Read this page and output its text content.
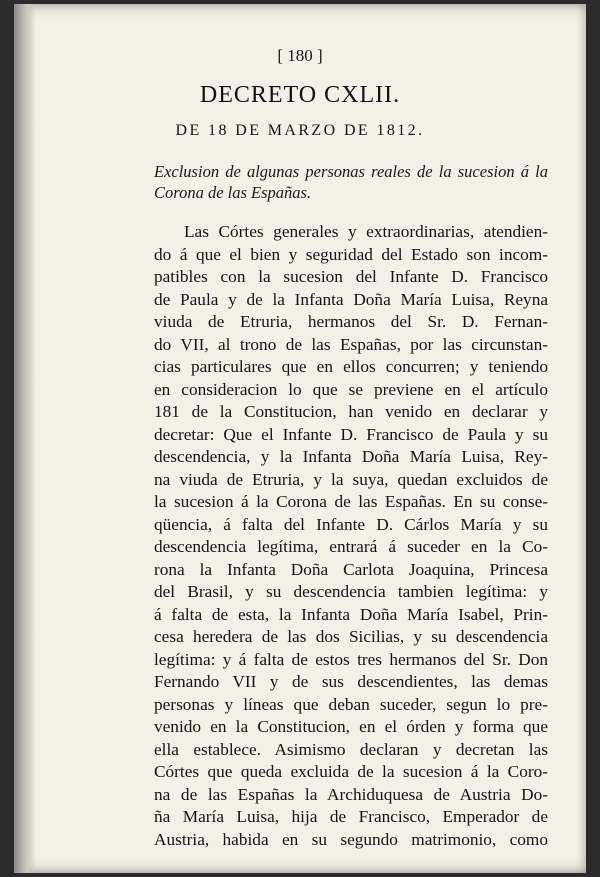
[ 180 ]
DECRETO CXLII.
DE 18 DE MARZO DE 1812.
Exclusion de algunas personas reales de la sucesion á la Corona de las Españas.
Las Córtes generales y extraordinarias, atendien-
do á que el bien y seguridad del Estado son incom-
patibles con la sucesion del Infante D. Francisco
de Paula y de la Infanta Doña María Luisa, Reyna
viuda de Etruria, hermanos del Sr. D. Fernan-
do VII, al trono de las Españas, por las circunstan-
cias particulares que en ellos concurren; y teniendo
en consideracion lo que se previene en el artículo
181 de la Constitucion, han venido en declarar y
decretar: Que el Infante D. Francisco de Paula y su
descendencia, y la Infanta Doña María Luisa, Rey-
na viuda de Etruria, y la suya, quedan excluidos de
la sucesion á la Corona de las Españas. En su conse-
qüencia, á falta del Infante D. Cárlos María y su
descendencia legítima, entrará á suceder en la Co-
rona la Infanta Doña Carlota Joaquina, Princesa
del Brasil, y su descendencia tambien legítima: y
á falta de esta, la Infanta Doña María Isabel, Prin-
cesa heredera de las dos Sicilias, y su descendencia
legítima: y á falta de estos tres hermanos del Sr. Don
Fernando VII y de sus descendientes, las demas
personas y líneas que deban suceder, segun lo pre-
venido en la Constitucion, en el órden y forma que
ella establece. Asimismo declaran y decretan las
Córtes que queda excluida de la sucesion á la Coro-
na de las Españas la Archiduquesa de Austria Do-
ña María Luisa, hija de Francisco, Emperador de
Austria, habida en su segundo matrimonio, como
